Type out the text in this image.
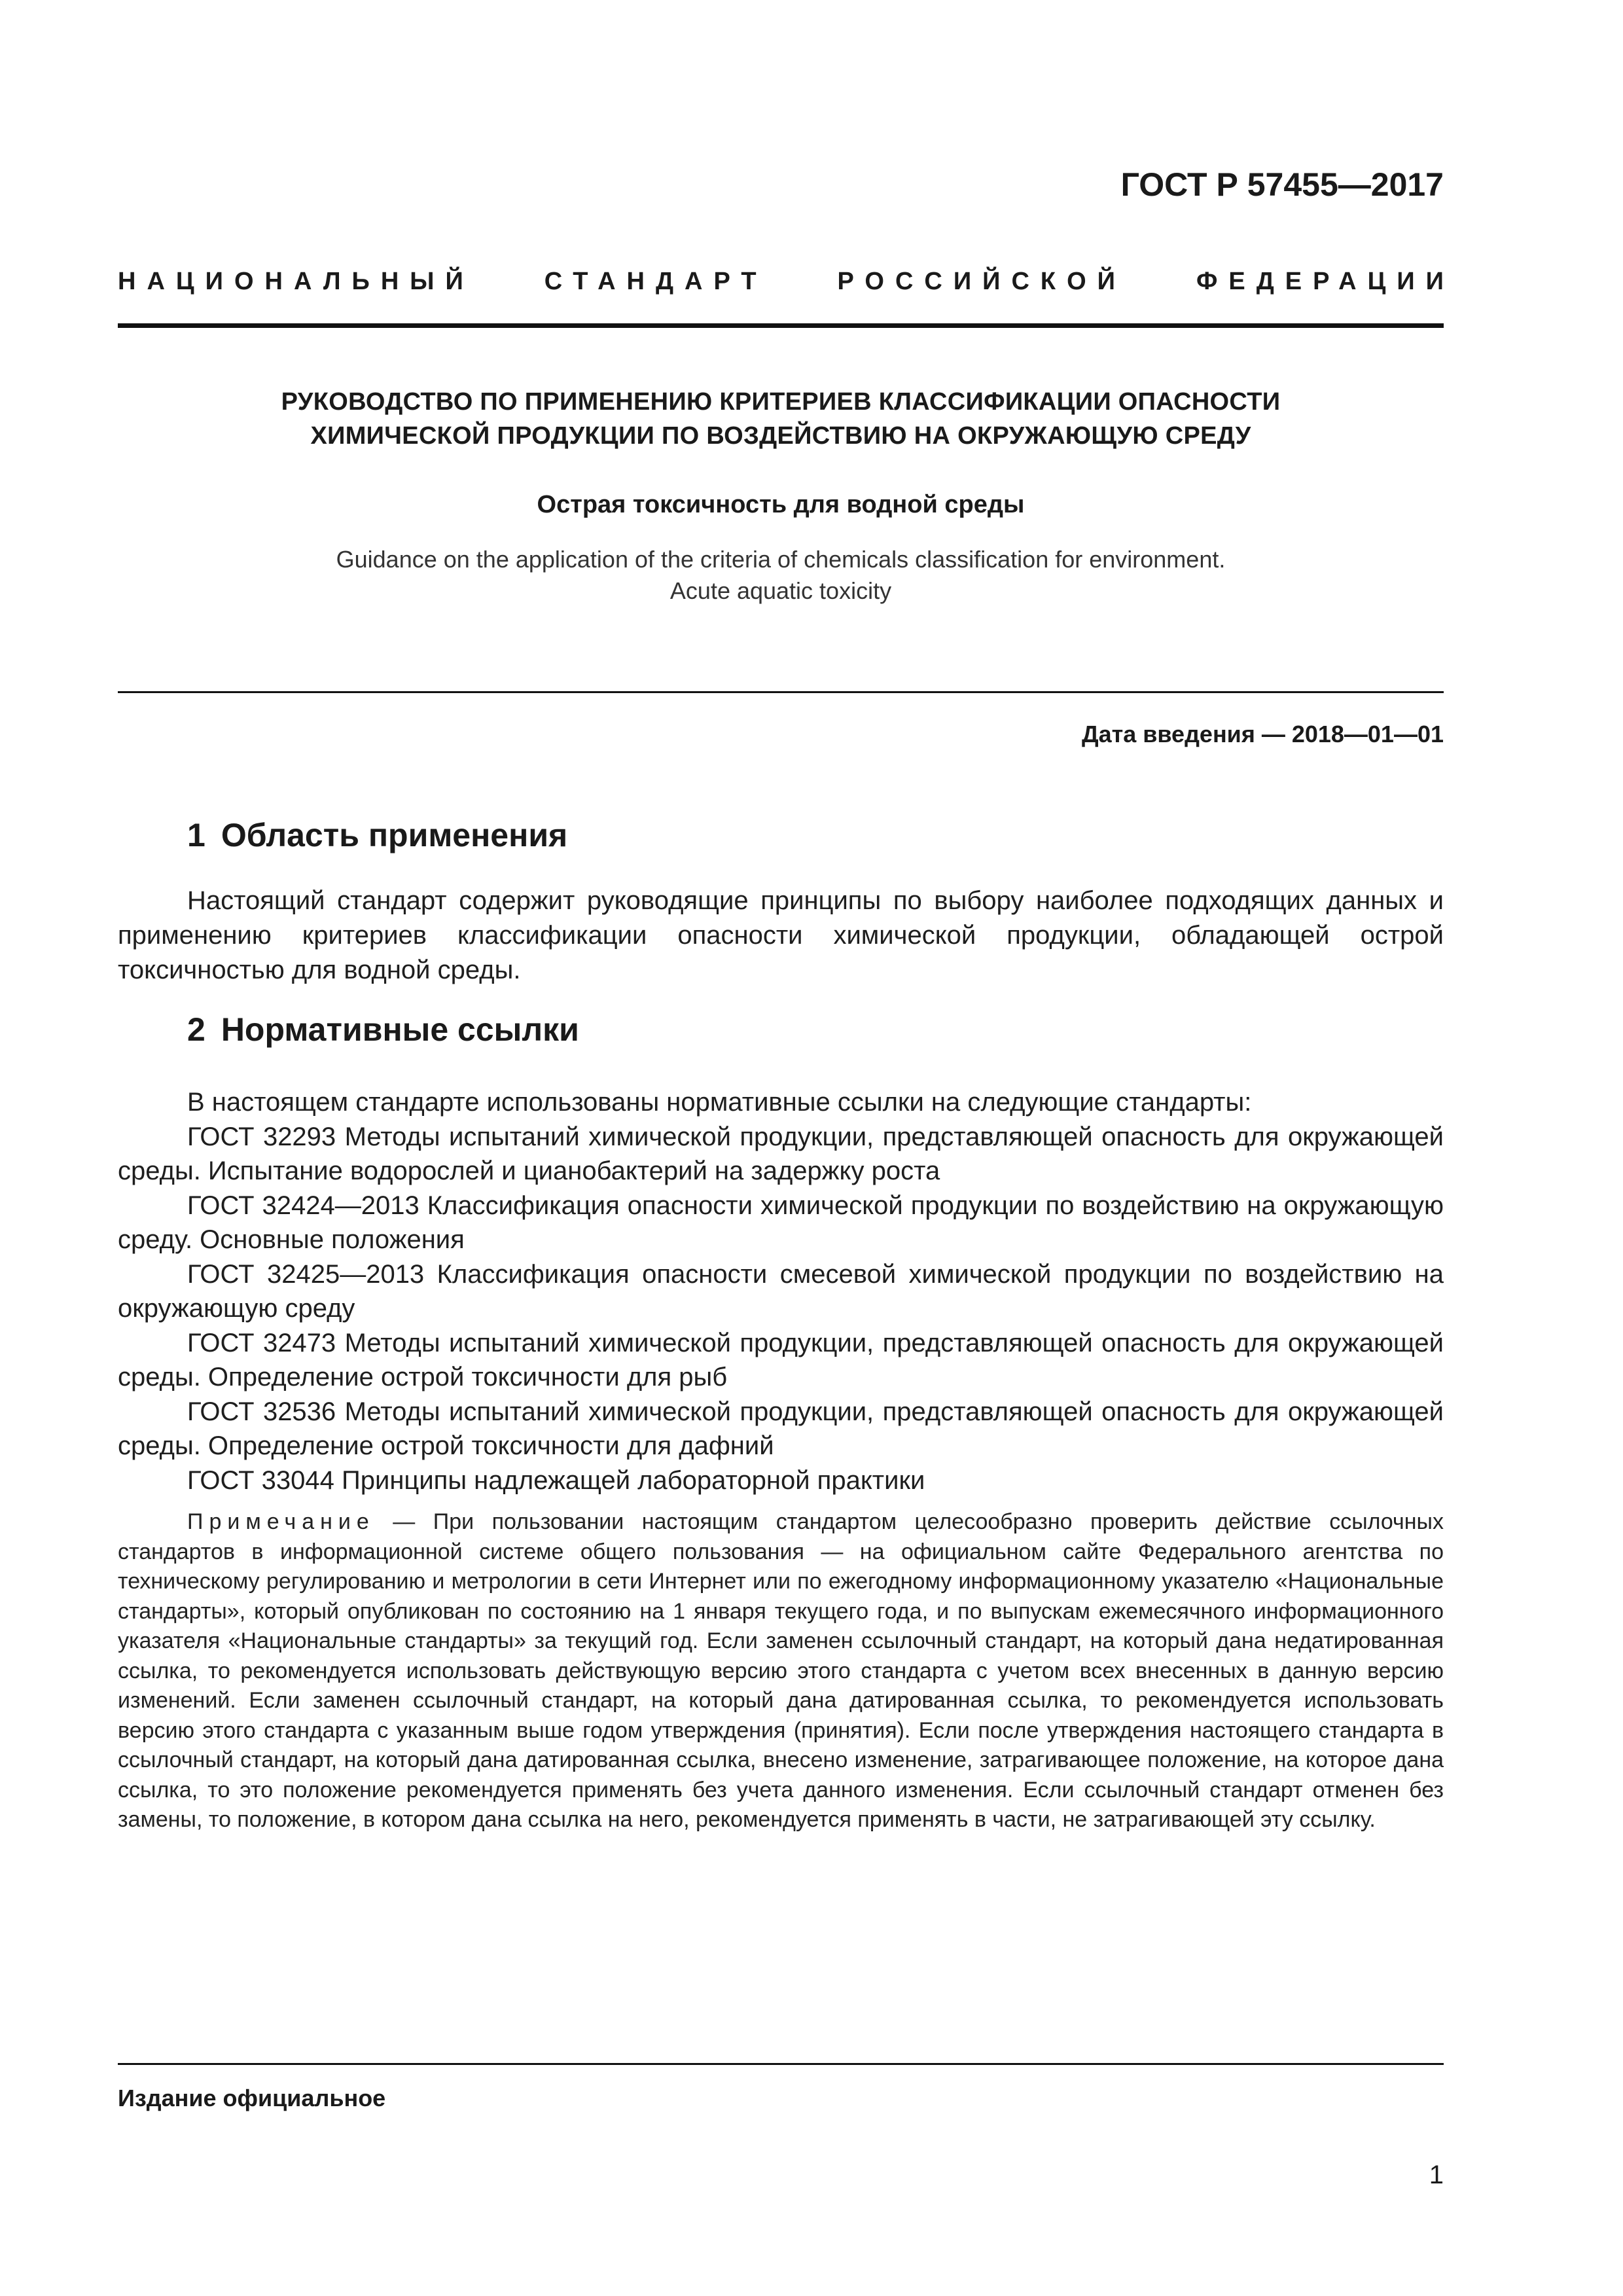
ГОСТ Р 57455—2017
НАЦИОНАЛЬНЫЙ	СТАНДАРТ	РОССИЙСКОЙ	ФЕДЕРАЦИИ
РУКОВОДСТВО ПО ПРИМЕНЕНИЮ КРИТЕРИЕВ КЛАССИФИКАЦИИ ОПАСНОСТИ
ХИМИЧЕСКОЙ ПРОДУКЦИИ ПО ВОЗДЕЙСТВИЮ НА ОКРУЖАЮЩУЮ СРЕДУ
Острая токсичность для водной среды
Guidance on the application of the criteria of chemicals classification for environment.
Acute aquatic toxicity
Дата введения — 2018—01—01
1 Область применения
Настоящий стандарт содержит руководящие принципы по выбору наиболее подходящих данных и применению критериев классификации опасности химической продукции, обладающей острой токсичностью для водной среды.
2 Нормативные ссылки
В настоящем стандарте использованы нормативные ссылки на следующие стандарты:
ГОСТ 32293 Методы испытаний химической продукции, представляющей опасность для окружающей среды. Испытание водорослей и цианобактерий на задержку роста
ГОСТ 32424—2013 Классификация опасности химической продукции по воздействию на окружающую среду. Основные положения
ГОСТ 32425—2013 Классификация опасности смесевой химической продукции по воздействию на окружающую среду
ГОСТ 32473 Методы испытаний химической продукции, представляющей опасность для окружающей среды. Определение острой токсичности для рыб
ГОСТ 32536 Методы испытаний химической продукции, представляющей опасность для окружающей среды. Определение острой токсичности для дафний
ГОСТ 33044 Принципы надлежащей лабораторной практики
Примечание — При пользовании настоящим стандартом целесообразно проверить действие ссылочных стандартов в информационной системе общего пользования — на официальном сайте Федерального агентства по техническому регулированию и метрологии в сети Интернет или по ежегодному информационному указателю «Национальные стандарты», который опубликован по состоянию на 1 января текущего года, и по выпускам ежемесячного информационного указателя «Национальные стандарты» за текущий год. Если заменен ссылочный стандарт, на который дана недатированная ссылка, то рекомендуется использовать действующую версию этого стандарта с учетом всех внесенных в данную версию изменений. Если заменен ссылочный стандарт, на который дана датированная ссылка, то рекомендуется использовать версию этого стандарта с указанным выше годом утверждения (принятия). Если после утверждения настоящего стандарта в ссылочный стандарт, на который дана датированная ссылка, внесено изменение, затрагивающее положение, на которое дана ссылка, то это положение рекомендуется применять без учета данного изменения. Если ссылочный стандарт отменен без замены, то положение, в котором дана ссылка на него, рекомендуется применять в части, не затрагивающей эту ссылку.
Издание официальное
1
